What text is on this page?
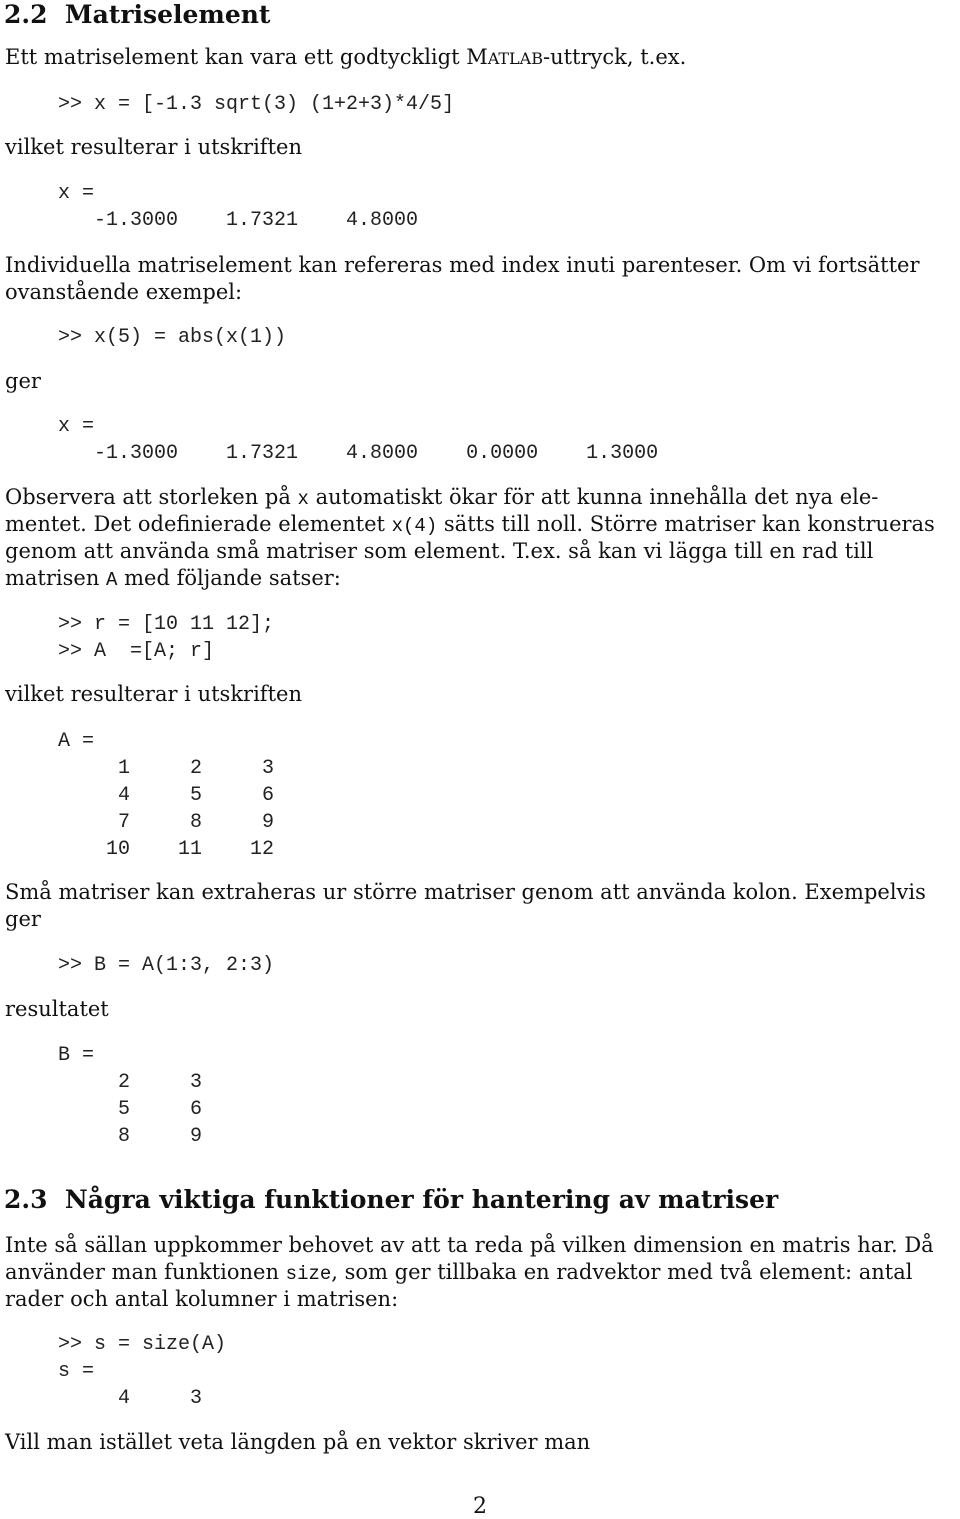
2.2 Matriselement
Ett matriselement kan vara ett godtyckligt MATLAB-uttryck, t.ex.
>> x = [-1.3 sqrt(3) (1+2+3)*4/5]
vilket resulterar i utskriften
x =
-1.3000    1.7321    4.8000
Individuella matriselement kan refereras med index inuti parenteser. Om vi fortsätter
ovanstående exempel:
>> x(5) = abs(x(1))
ger
x =
-1.3000    1.7321    4.8000    0.0000    1.3000
Observera att storleken på x automatiskt ökar för att kunna innehålla det nya ele-
mentet. Det odefinierade elementet x(4) sätts till noll. Större matriser kan konstrueras
genom att använda små matriser som element. T.ex. så kan vi lägga till en rad till
matrisen A med följande satser:
>> r = [10 11 12];
>> A  =[A; r]
vilket resulterar i utskriften
A =
1     2     3
4     5     6
7     8     9
10    11    12
Små matriser kan extraheras ur större matriser genom att använda kolon. Exempelvis
ger
>> B = A(1:3, 2:3)
resultatet
B =
2     3
5     6
8     9
2.3 Några viktiga funktioner för hantering av matriser
Inte så sällan uppkommer behovet av att ta reda på vilken dimension en matris har. Då
använder man funktionen size, som ger tillbaka en radvektor med två element: antal
rader och antal kolumner i matrisen:
>> s = size(A)
s =
4     3
Vill man istället veta längden på en vektor skriver man
2
